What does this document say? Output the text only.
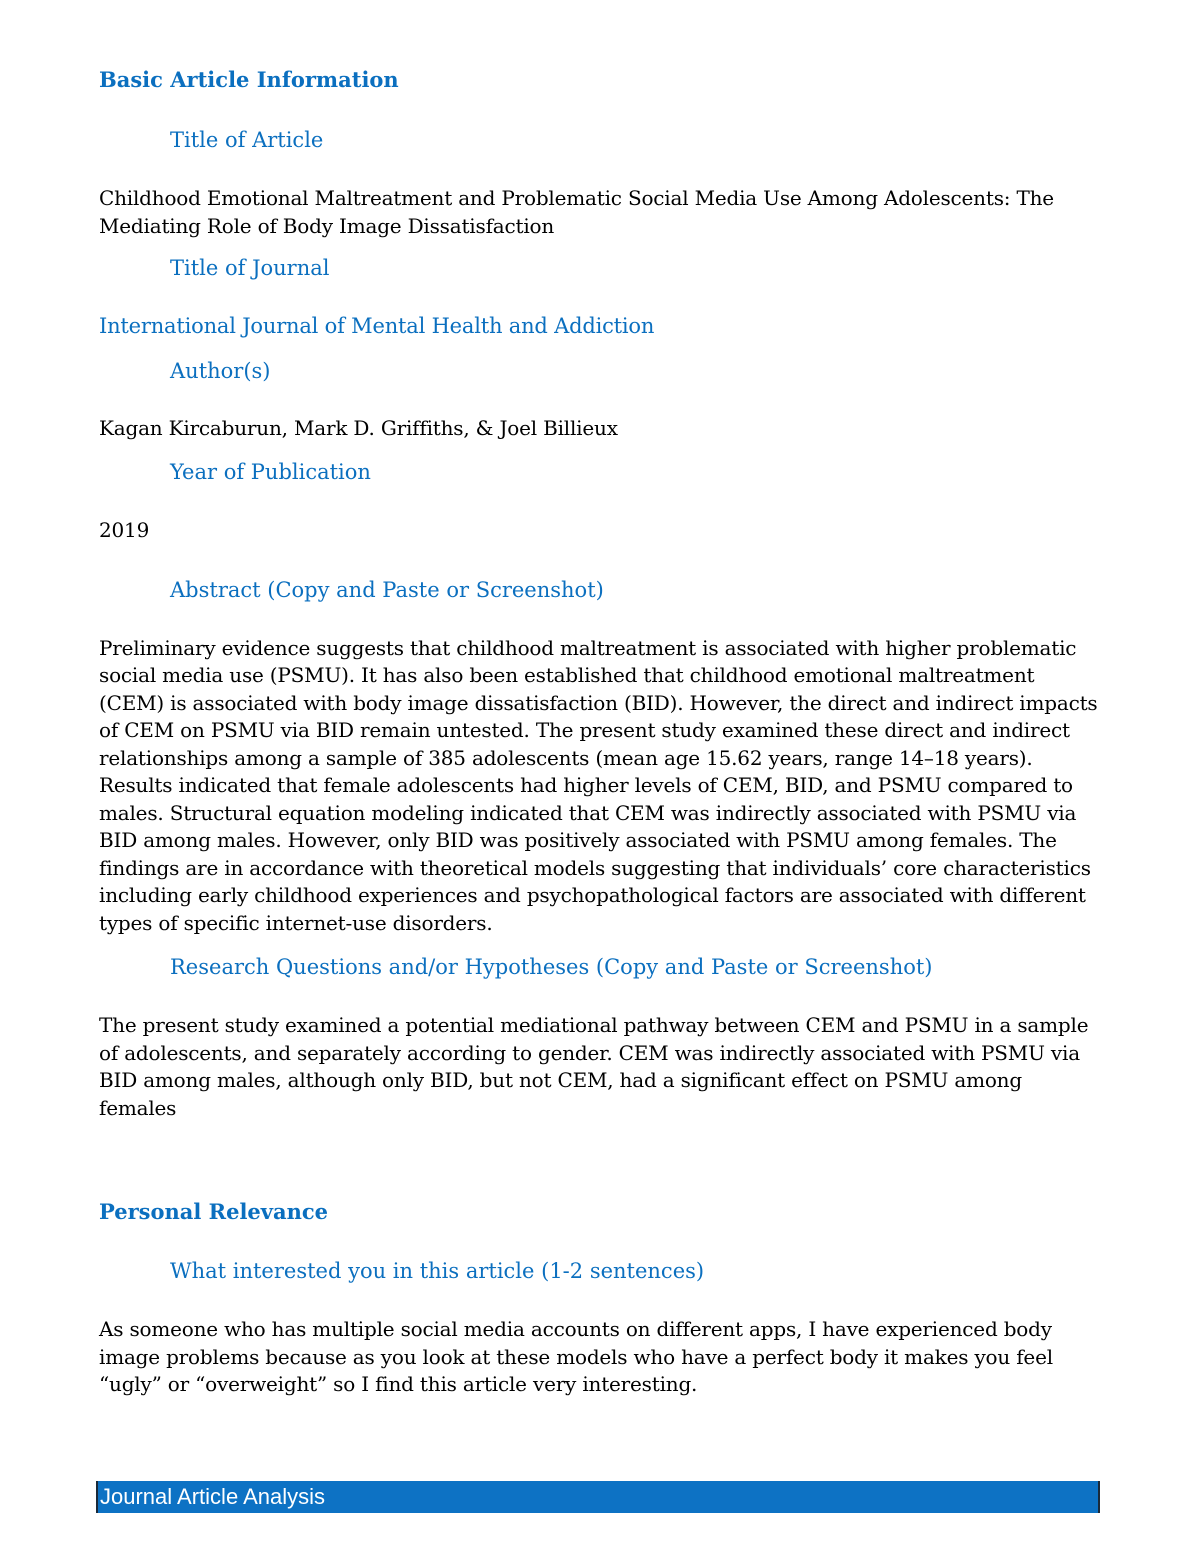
Basic Article Information

Title of Article

Childhood Emotional Maltreatment and Problematic Social Media Use Among Adolescents: The Mediating Role of Body Image Dissatisfaction

Title of Journal

International Journal of Mental Health and Addiction

Author(s)

Kagan Kircaburun, Mark D. Griffiths, & Joel Billieux

Year of Publication

2019

Abstract (Copy and Paste or Screenshot)

Preliminary evidence suggests that childhood maltreatment is associated with higher problematic social media use (PSMU). It has also been established that childhood emotional maltreatment (CEM) is associated with body image dissatisfaction (BID). However, the direct and indirect impacts of CEM on PSMU via BID remain untested. The present study examined these direct and indirect relationships among a sample of 385 adolescents (mean age 15.62 years, range 14–18 years). Results indicated that female adolescents had higher levels of CEM, BID, and PSMU compared to males. Structural equation modeling indicated that CEM was indirectly associated with PSMU via BID among males. However, only BID was positively associated with PSMU among females. The findings are in accordance with theoretical models suggesting that individuals’ core characteristics including early childhood experiences and psychopathological factors are associated with different types of specific internet-use disorders.

Research Questions and/or Hypotheses (Copy and Paste or Screenshot)

The present study examined a potential mediational pathway between CEM and PSMU in a sample of adolescents, and separately according to gender. CEM was indirectly associated with PSMU via BID among males, although only BID, but not CEM, had a significant effect on PSMU among females

Personal Relevance

What interested you in this article (1-2 sentences)

As someone who has multiple social media accounts on different apps, I have experienced body image problems because as you look at these models who have a perfect body it makes you feel “ugly” or “overweight” so I find this article very interesting.

Journal Article Analysis
